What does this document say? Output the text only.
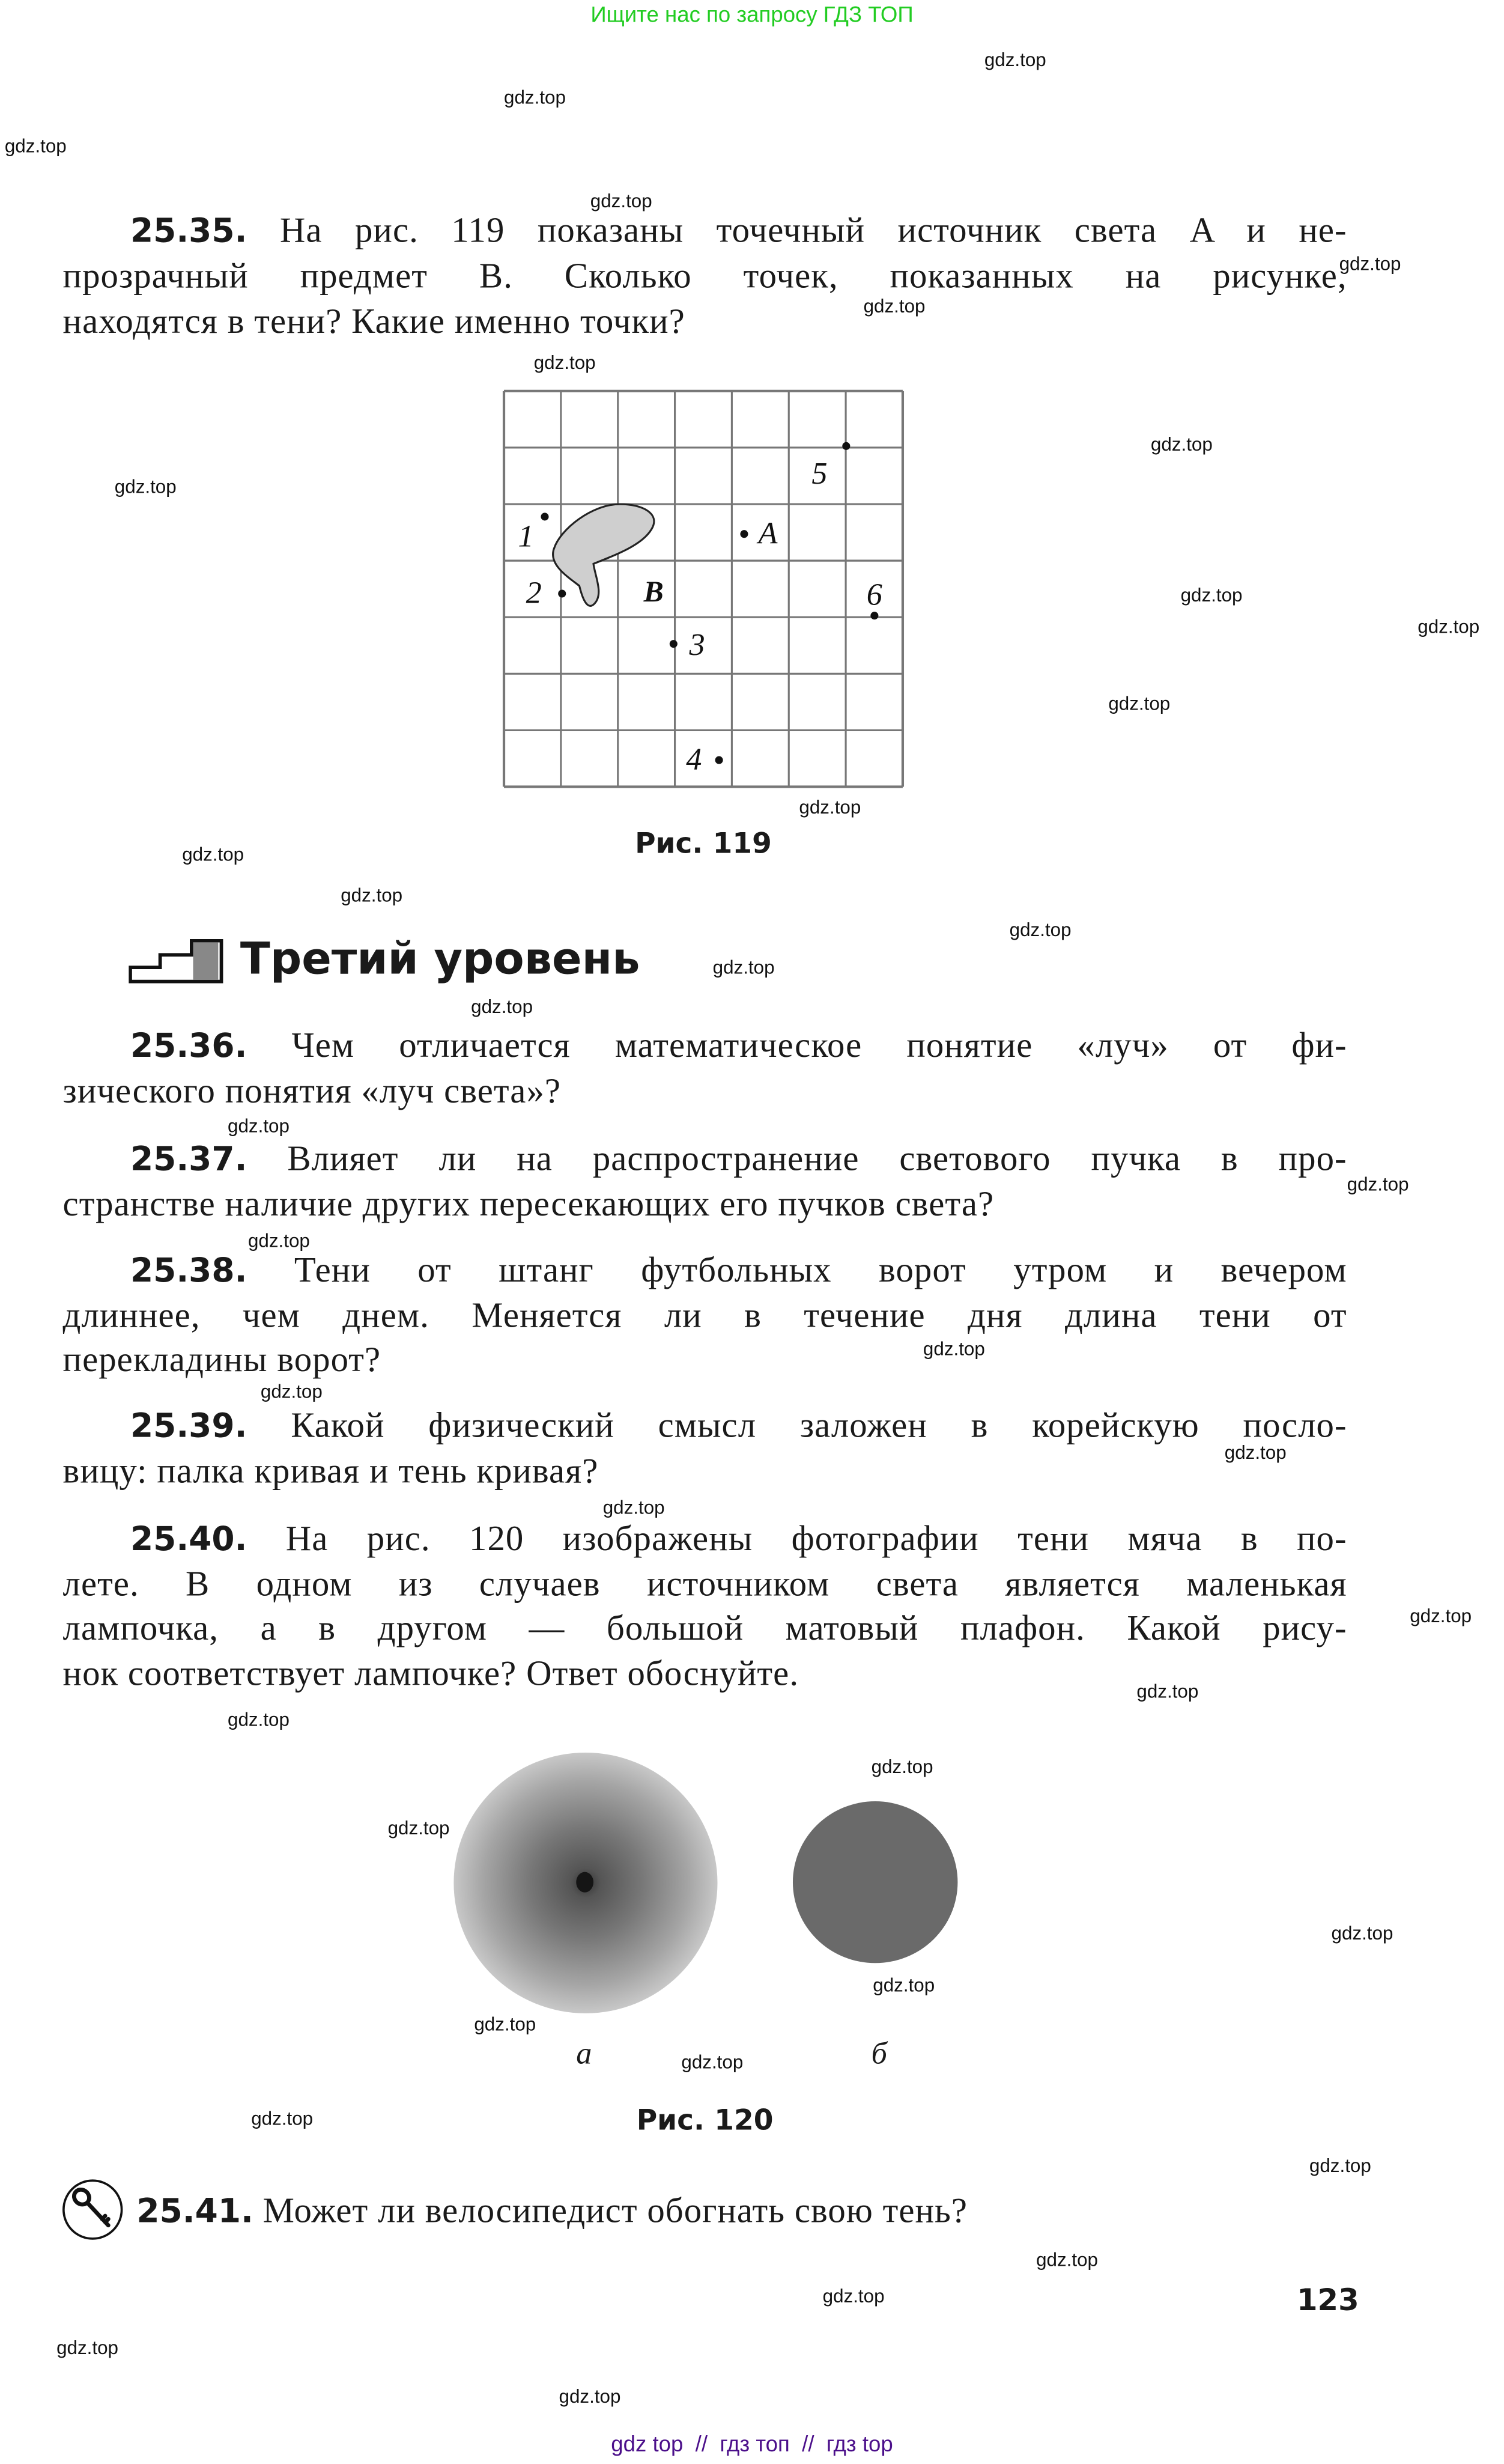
Ищите нас по запросу ГДЗ ТОП
gdz.top
gdz.top
gdz.top
gdz.top
gdz.top
gdz.top
gdz.top
gdz.top
gdz.top
gdz.top
gdz.top
gdz.top
gdz.top
gdz.top
gdz.top
gdz.top
gdz.top
gdz.top
gdz.top
gdz.top
gdz.top
gdz.top
gdz.top
gdz.top
gdz.top
gdz.top
gdz.top
gdz.top
gdz.top
gdz.top
gdz.top
gdz.top
gdz.top
gdz.top
gdz.top
gdz.top
gdz.top
gdz.top
gdz.top
gdz.top
25.35. На рис. 119 показаны точечный источник света A и не-
прозрачный предмет B. Сколько точек, показанных на рисунке,
находятся в тени? Какие именно точки?
B
1
2
3
4
A
5
6
Рис. 119
Третий уровень
25.36.	Чем отличается математическое понятие «луч» от фи-
зического понятия «луч света»?
25.37.	Влияет ли на распространение светового пучка в про-
странстве наличие других пересекающих его пучков света?
25.38.	Тени от штанг футбольных ворот утром и вечером
длиннее, чем днем. Меняется ли в течение дня длина тени от
перекладины ворот?
25.39.	Какой физический смысл заложен в корейскую посло-
вицу: палка кривая и тень кривая?
25.40.	На рис. 120 изображены фотографии тени мяча в по-
лете. В одном из случаев источником света является маленькая
лампочка, а в другом — большой матовый плафон. Какой рису-
нок соответствует лампочке? Ответ обоснуйте.
а	б
Рис. 120
25.41. Может ли велосипедист обогнать свою тень?
123
gdz top  //  гдз топ  //  гдз top
